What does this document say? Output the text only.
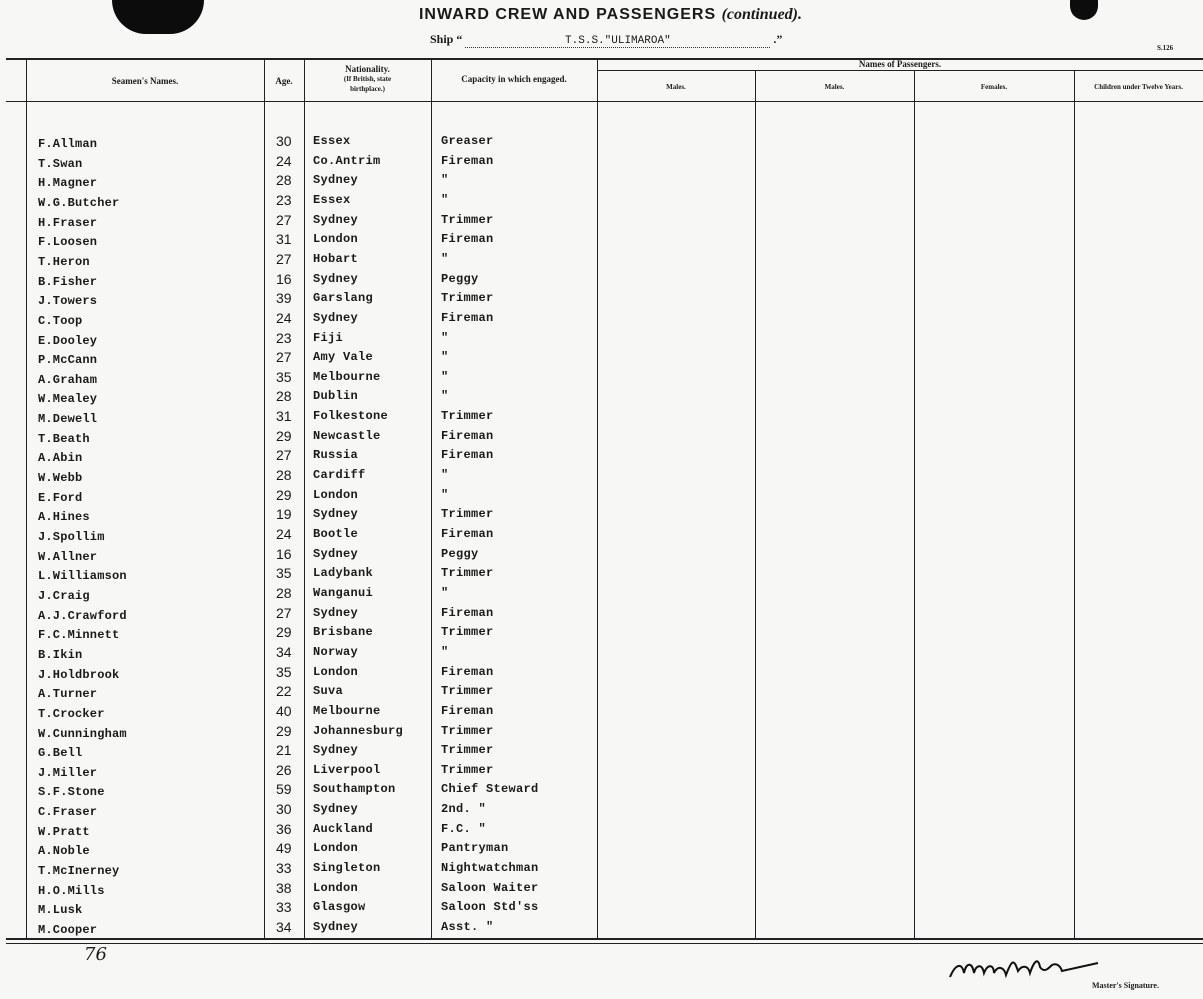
INWARD CREW AND PASSENGERS (continued).
Ship “	T.S.S."ULIMAROA"	.”
S.126
Seamen's Names.	Age.
Nationality.
(If British, state
birthplace.)
Capacity in which engaged.
Names of Passengers.
Males.	Males.	Females.	Children under Twelve Years.
F.Allman	30 Essex	Greaser
T.Swan	24 Co.Antrim	Fireman
H.Magner	28 Sydney	"
W.G.Butcher	23 Essex	"
H.Fraser	27 Sydney	Trimmer
F.Loosen	31 London	Fireman
T.Heron	27 Hobart	"
B.Fisher	16 Sydney	Peggy
J.Towers	39 Garslang	Trimmer
C.Toop	24 Sydney	Fireman
E.Dooley	23 Fiji	"
P.McCann	27 Amy Vale	"
A.Graham	35 Melbourne	"
W.Mealey	28 Dublin	"
M.Dewell	31 Folkestone	Trimmer
T.Beath	29 Newcastle	Fireman
A.Abin	27 Russia	Fireman
W.Webb	28 Cardiff	"
E.Ford	29 London	"
A.Hines	19 Sydney	Trimmer
J.Spollim	24 Bootle	Fireman
W.Allner	16 Sydney	Peggy
L.Williamson	35 Ladybank	Trimmer
J.Craig	28 Wanganui	"
A.J.Crawford	27 Sydney	Fireman
F.C.Minnett	29 Brisbane	Trimmer
B.Ikin	34 Norway	"
J.Holdbrook	35 London	Fireman
A.Turner	22 Suva	Trimmer
T.Crocker	40 Melbourne	Fireman
W.Cunningham	29 Johannesburg	Trimmer
G.Bell	21 Sydney	Trimmer
J.Miller	26 Liverpool	Trimmer
S.F.Stone	59 Southampton	Chief Steward
C.Fraser	30 Sydney	2nd. "
W.Pratt	36 Auckland	F.C. "
A.Noble	49 London	Pantryman
T.McInerney	33 Singleton	Nightwatchman
H.O.Mills	38 London	Saloon Waiter
M.Lusk	33 Glasgow	Saloon Std'ss
M.Cooper	34 Sydney	Asst. "
76
Master's Signature.
